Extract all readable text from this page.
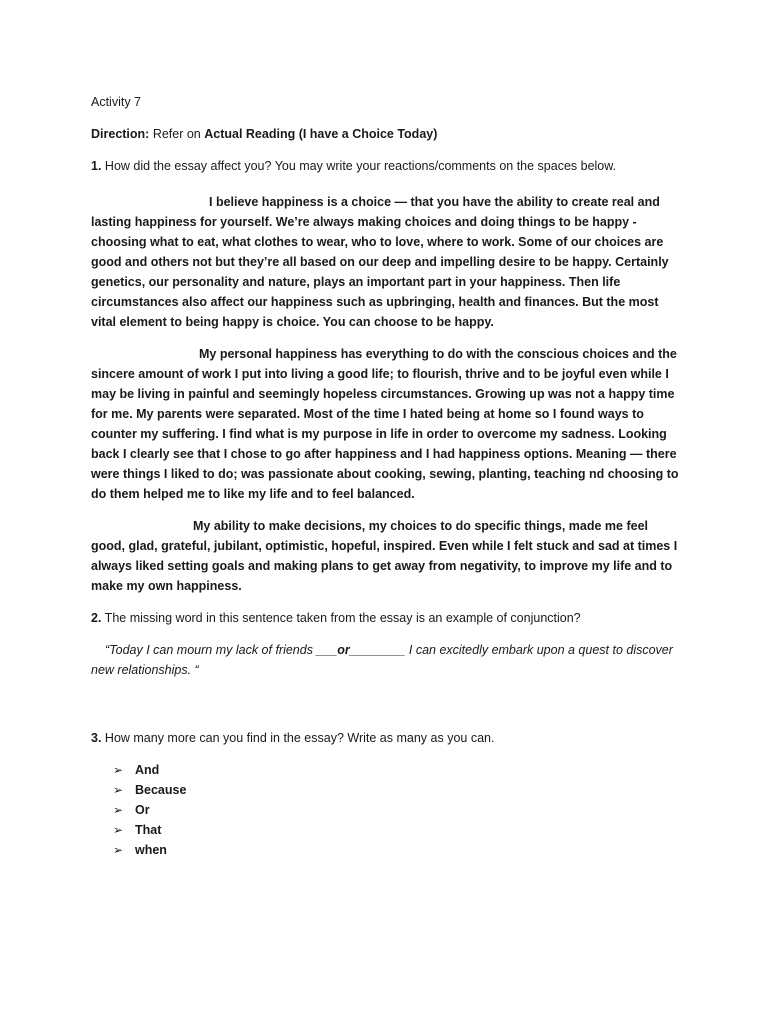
Activity 7

Direction: Refer on Actual Reading (I have a Choice Today)

1. How did the essay affect you? You may write your reactions/comments on the spaces below.

I believe happiness is a choice — that you have the ability to create real and lasting happiness for yourself. We’re always making choices and doing things to be happy - choosing what to eat, what clothes to wear, who to love, where to work. Some of our choices are good and others not but they’re all based on our deep and impelling desire to be happy. Certainly genetics, our personality and nature, plays an important part in your happiness. Then life circumstances also affect our happiness such as upbringing, health and finances. But the most vital element to being happy is choice. You can choose to be happy.

My personal happiness has everything to do with the conscious choices and the sincere amount of work I put into living a good life; to flourish, thrive and to be joyful even while I may be living in painful and seemingly hopeless circumstances. Growing up was not a happy time for me. My parents were separated. Most of the time I hated being at home so I found ways to counter my suffering. I find what is my purpose in life in order to overcome my sadness. Looking back I clearly see that I chose to go after happiness and I had happiness options. Meaning — there were things I liked to do; was passionate about cooking, sewing, planting, teaching nd choosing to do them helped me to like my life and to feel balanced.

My ability to make decisions, my choices to do specific things, made me feel good, glad, grateful, jubilant, optimistic, hopeful, inspired. Even while I felt stuck and sad at times I always liked setting goals and making plans to get away from negativity, to improve my life and to make my own happiness.

2. The missing word in this sentence taken from the essay is an example of conjunction?

“Today I can mourn my lack of friends ___or________ I can excitedly embark upon a quest to discover new relationships. “

3. How many more can you find in the essay? Write as many as you can.

➢ And
➢ Because
➢ Or
➢ That
➢ when
